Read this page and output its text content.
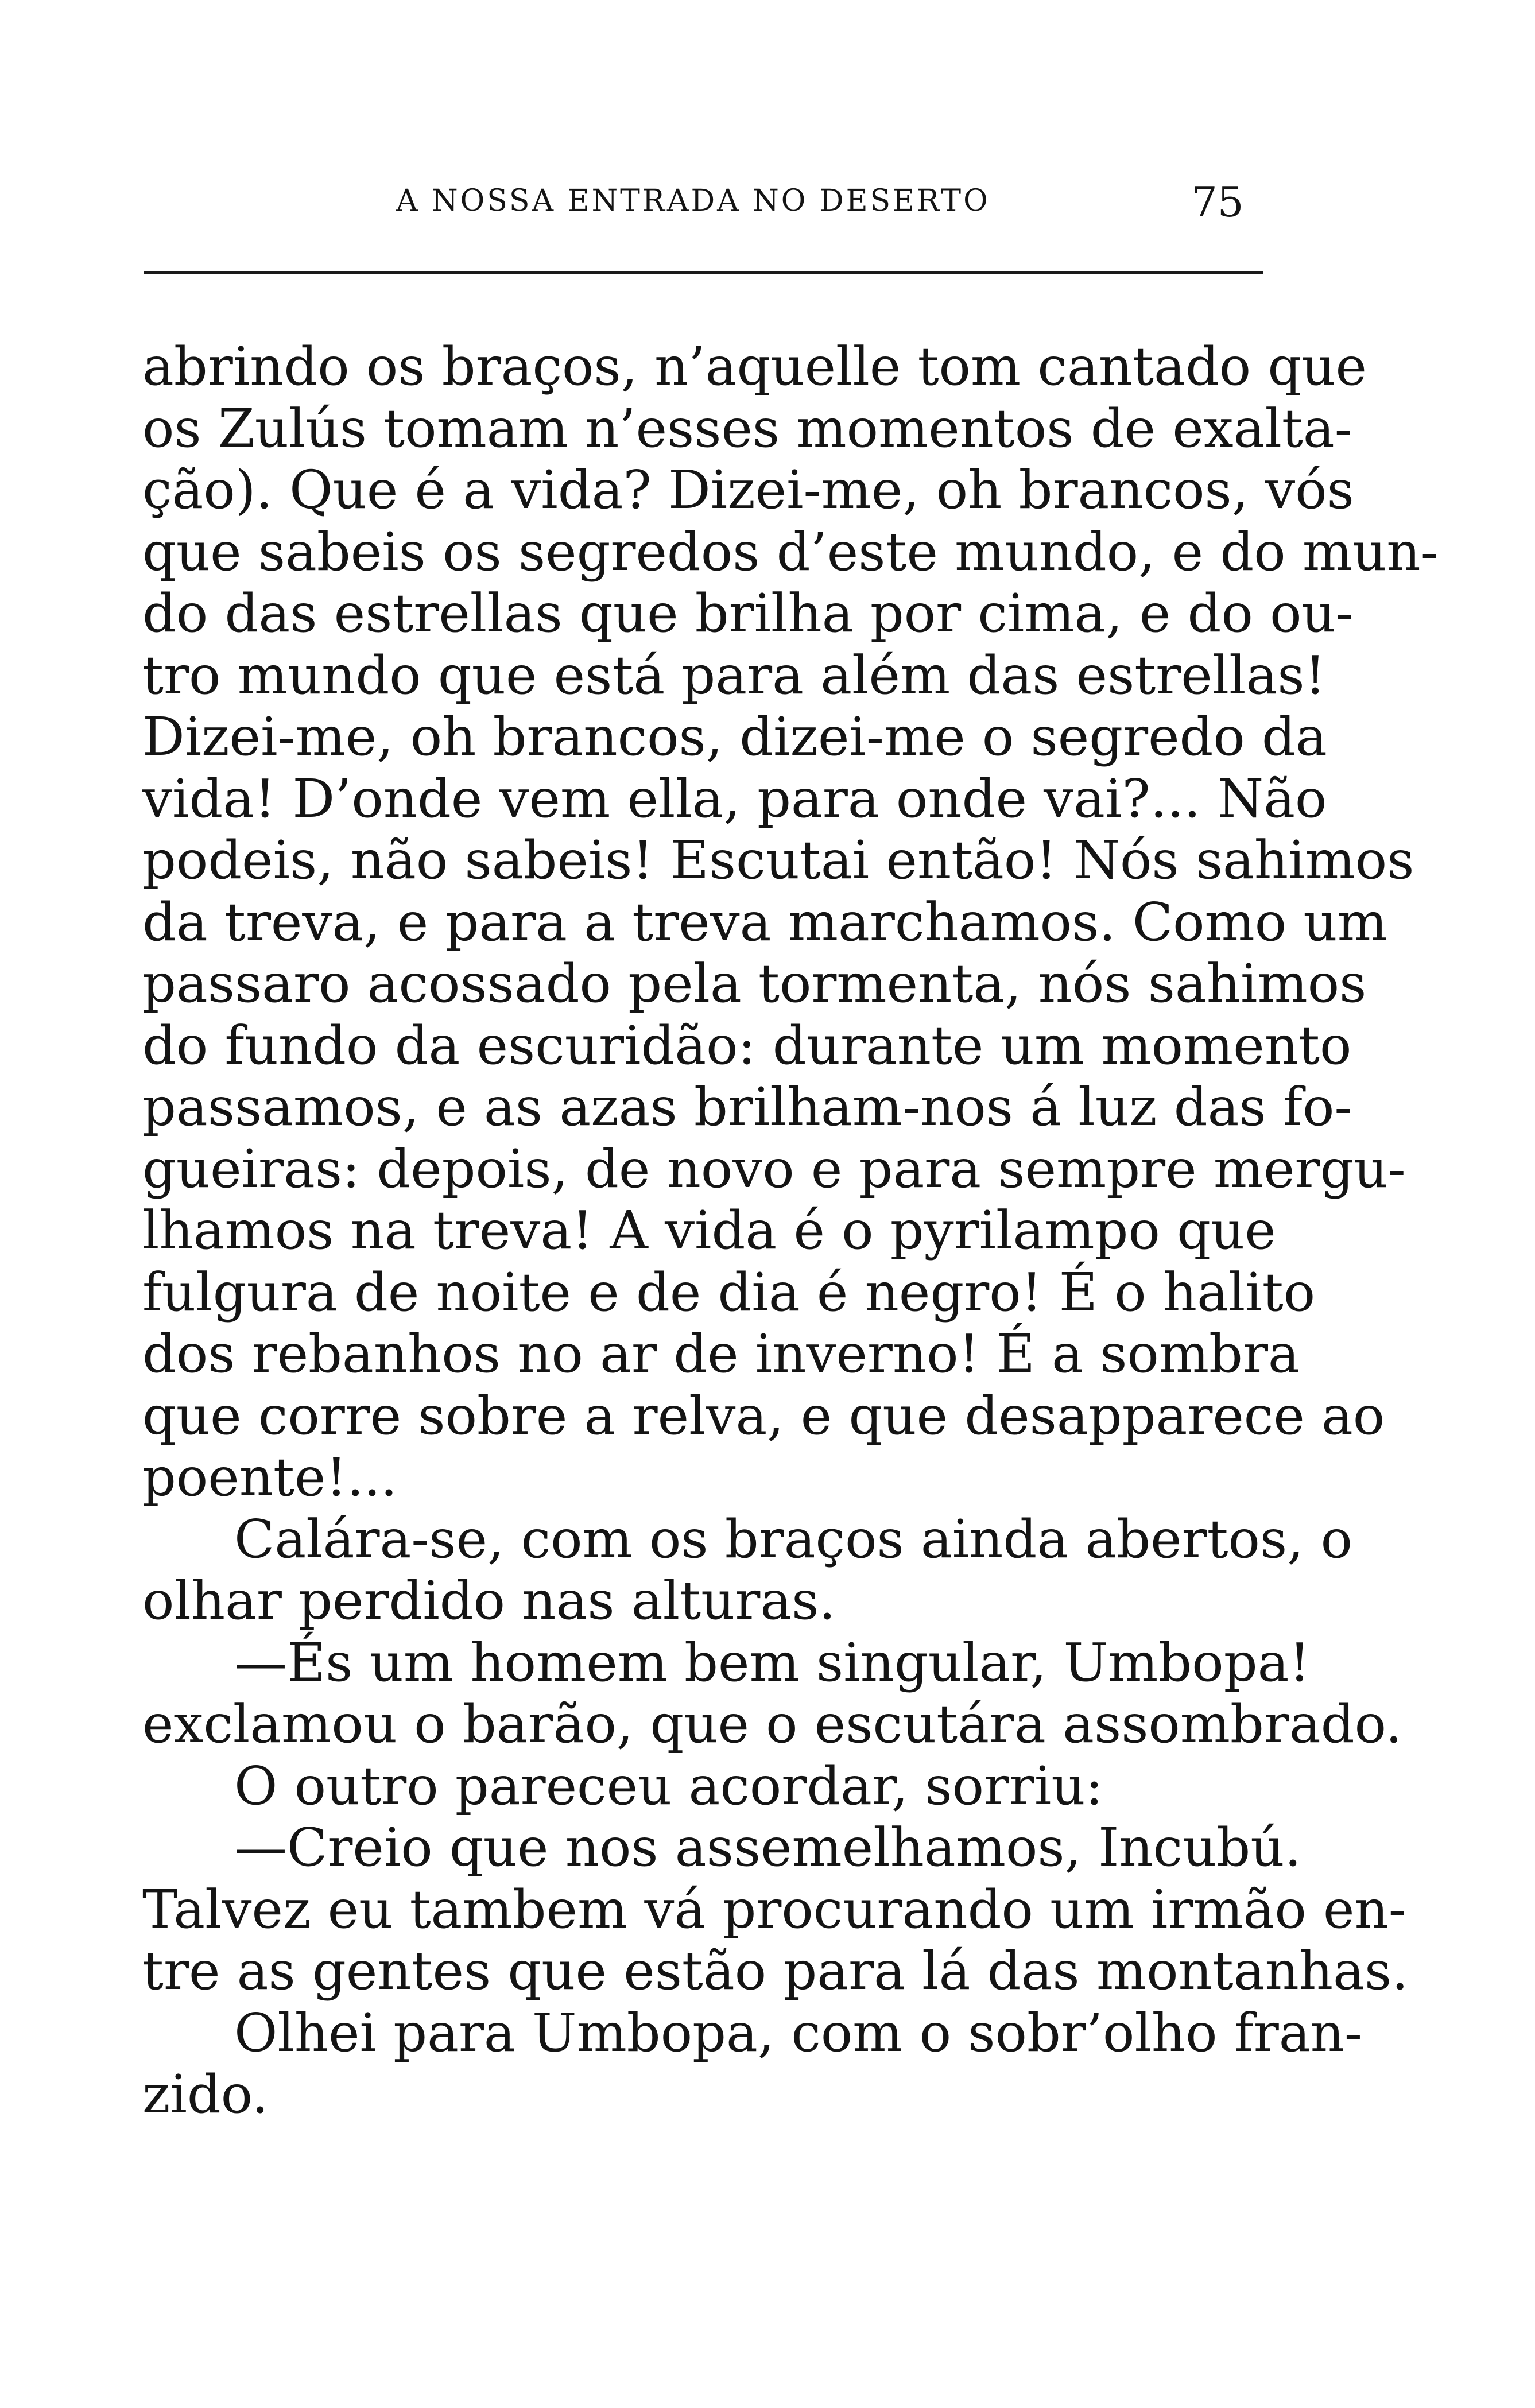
A NOSSA ENTRADA NO DESERTO	75
abrindo os braços, n’aquelle tom cantado que
os Zulús tomam n’esses momentos de exalta-
ção). Que é a vida? Dizei-me, oh brancos, vós
que sabeis os segredos d’este mundo, e do mun-
do das estrellas que brilha por cima, e do ou-
tro mundo que está para além das estrellas!
Dizei-me, oh brancos, dizei-me o segredo da
vida! D’onde vem ella, para onde vai?... Não
podeis, não sabeis! Escutai então! Nós sahimos
da treva, e para a treva marchamos. Como um
passaro acossado pela tormenta, nós sahimos
do fundo da escuridão: durante um momento
passamos, e as azas brilham-nos á luz das fo-
gueiras: depois, de novo e para sempre mergu-
lhamos na treva! A vida é o pyrilampo que
fulgura de noite e de dia é negro! É o halito
dos rebanhos no ar de inverno! É a sombra
que corre sobre a relva, e que desapparece ao
poente!...
Calára-se, com os braços ainda abertos, o
olhar perdido nas alturas.
—És um homem bem singular, Umbopa!
exclamou o barão, que o escutára assombrado.
O outro pareceu acordar, sorriu:
—Creio que nos assemelhamos, Incubú.
Talvez eu tambem vá procurando um irmão en-
tre as gentes que estão para lá das montanhas.
Olhei para Umbopa, com o sobr’olho fran-
zido.
